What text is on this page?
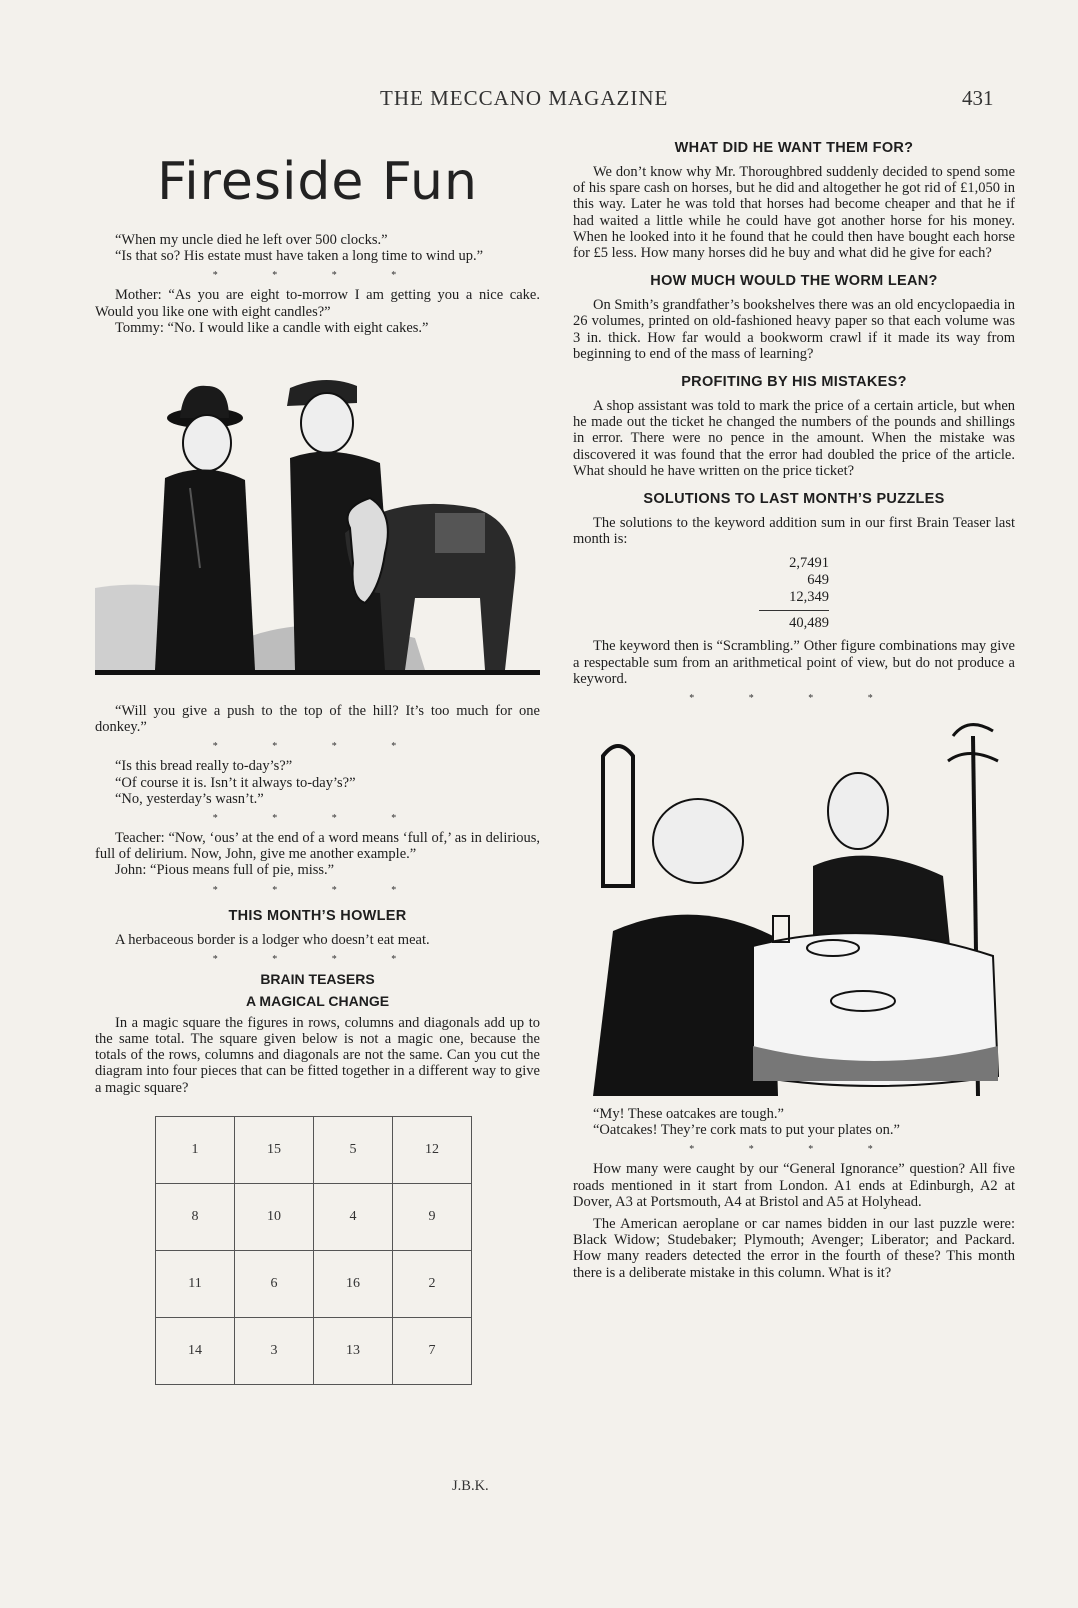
THE MECCANO MAGAZINE	431
Fireside Fun

“When my uncle died he left over 500 clocks.”

“Is that so? His estate must have taken a long time to wind up.”

* * * *

Mother: “As you are eight to-morrow I am getting you a nice cake. Would you like one with eight candles?”

Tommy: “No. I would like a candle with eight cakes.”

“Will you give a push to the top of the hill? It’s too much for one donkey.”

* * * *

“Is this bread really to-day’s?”

“Of course it is. Isn’t it always to-day’s?”

“No, yesterday’s wasn’t.”

* * * *

Teacher: “Now, ‘ous’ at the end of a word means ‘full of,’ as in delirious, full of delirium. Now, John, give me another example.”

John: “Pious means full of pie, miss.”

* * * *
THIS MONTH’S HOWLER

A herbaceous border is a lodger who doesn’t eat meat.

* * * *
BRAIN TEASERS
A MAGICAL CHANGE

In a magic square the figures in rows, columns and diagonals add up to the same total. The square given below is not a magic one, because the totals of the rows, columns and diagonals are not the same. Can you cut the diagram into four pieces that can be fitted together in a different way to give a magic square?

1	15	5	12
8	10	4	9
11	6	16	2
14	3	13	7
J.B.K.
WHAT DID HE WANT THEM FOR?

We don’t know why Mr. Thoroughbred suddenly decided to spend some of his spare cash on horses, but he did and altogether he got rid of £1,050 in this way. Later he was told that horses had become cheaper and that he if had waited a little while he could have got another horse for his money. When he looked into it he found that he could then have bought each horse for £5 less. How many horses did he buy and what did he give for each?

HOW MUCH WOULD THE WORM LEAN?

On Smith’s grandfather’s bookshelves there was an old encyclopaedia in 26 volumes, printed on old-fashioned heavy paper so that each volume was 3 in. thick. How far would a bookworm crawl if it made its way from beginning to end of the mass of learning?

PROFITING BY HIS MISTAKES?

A shop assistant was told to mark the price of a certain article, but when he made out the ticket he changed the numbers of the pounds and shillings in error. There were no pence in the amount. When the mistake was discovered it was found that the error had doubled the price of the article. What should he have written on the price ticket?

SOLUTIONS TO LAST MONTH’S PUZZLES

The solutions to the keyword addition sum in our first Brain Teaser last month is:

2,7491
649
12,349
40,489

The keyword then is “Scrambling.” Other figure combinations may give a respectable sum from an arithmetical point of view, but do not produce a keyword.

* * * *

“My! These oatcakes are tough.”

“Oatcakes! They’re cork mats to put your plates on.”

* * * *

How many were caught by our “General Ignorance” question? All five roads mentioned in it start from London. A1 ends at Edinburgh, A2 at Dover, A3 at Portsmouth, A4 at Bristol and A5 at Holyhead.

The American aeroplane or car names bidden in our last puzzle were: Black Widow; Studebaker; Plymouth; Avenger; Liberator; and Packard. How many readers detected the error in the fourth of these? This month there is a deliberate mistake in this column. What is it?
